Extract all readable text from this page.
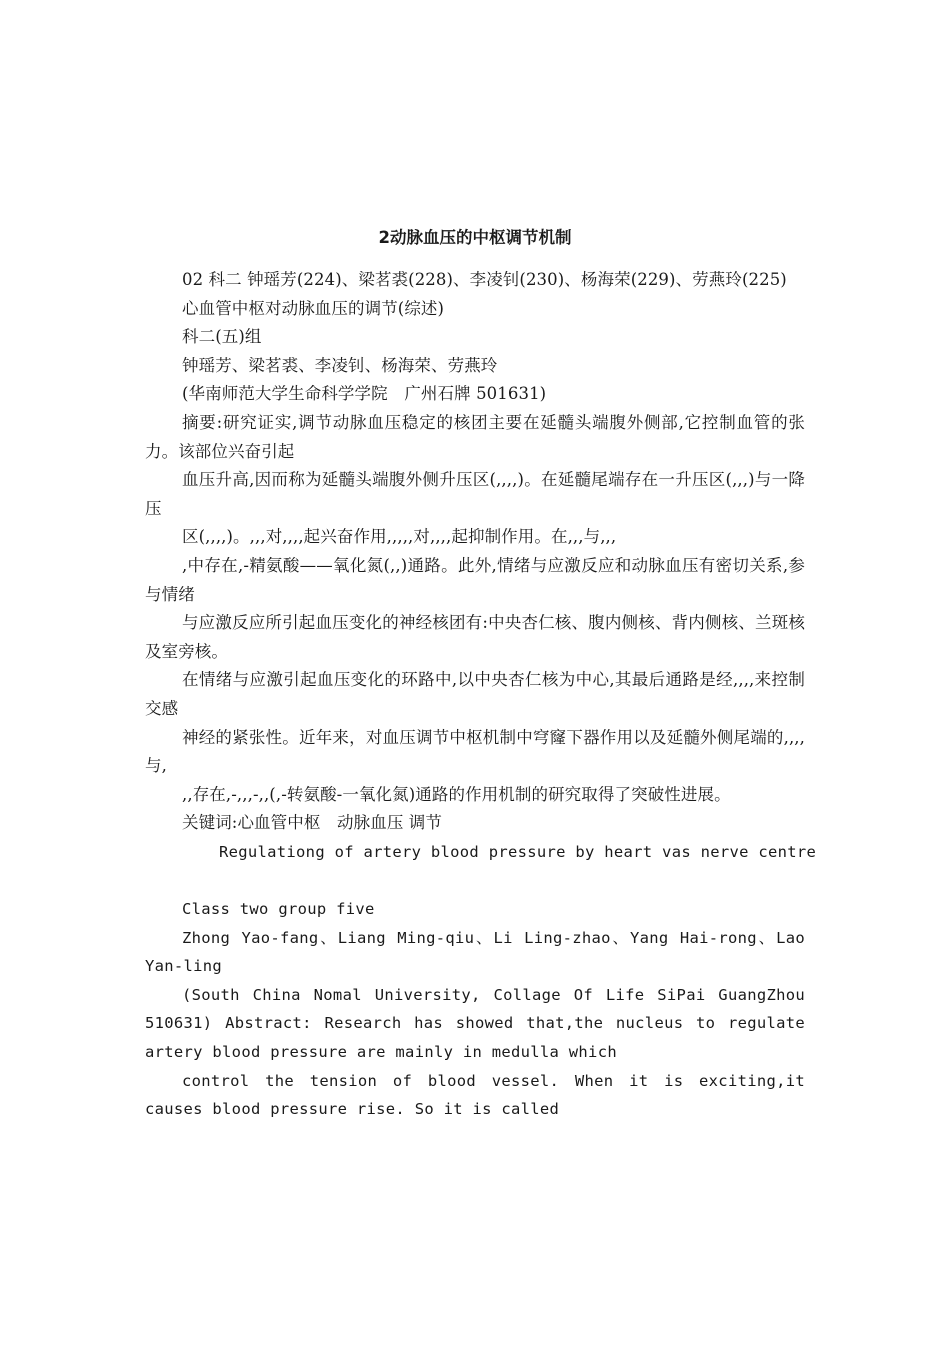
2动脉血压的中枢调节机制

02 科二 钟瑶芳(224)、梁茗裘(228)、李凌钊(230)、杨海荣(229)、劳燕玲(225)

心血管中枢对动脉血压的调节(综述)

科二(五)组

钟瑶芳、梁茗裘、李凌钊、杨海荣、劳燕玲

(华南师范大学生命科学学院　广州石牌 501631)

摘要:研究证实,调节动脉血压稳定的核团主要在延髓头端腹外侧部,它控制血管的张力。该部位兴奋引起

血压升高,因而称为延髓头端腹外侧升压区(,,,,)。在延髓尾端存在一升压区(,,,)与一降压

区(,,,,)。,,,对,,,,起兴奋作用,,,,,对,,,,起抑制作用。在,,,与,,,

,中存在,-精氨酸——氧化氮(,,)通路。此外,情绪与应激反应和动脉血压有密切关系,参与情绪

与应激反应所引起血压变化的神经核团有:中央杏仁核、腹内侧核、背内侧核、兰斑核及室旁核。

在情绪与应激引起血压变化的环路中,以中央杏仁核为中心,其最后通路是经,,,,来控制交感

神经的紧张性。近年来，对血压调节中枢机制中穹窿下器作用以及延髓外侧尾端的,,,,与,

,,存在,-,,,-,,(,-转氨酸-一氧化氮)通路的作用机制的研究取得了突破性进展。

关键词:心血管中枢　动脉血压 调节

Regulationg of artery blood pressure by heart vas nerve centre

Class two group five

Zhong Yao-fang、Liang Ming-qiu、Li Ling-zhao、Yang Hai-rong、Lao Yan-ling

(South China Nomal University, Collage Of Life SiPai GuangZhou 510631) Abstract: Research has showed that,the nucleus to regulate artery blood pressure are mainly in medulla which

control the tension of blood vessel. When it is exciting,it causes blood pressure rise. So it is called
